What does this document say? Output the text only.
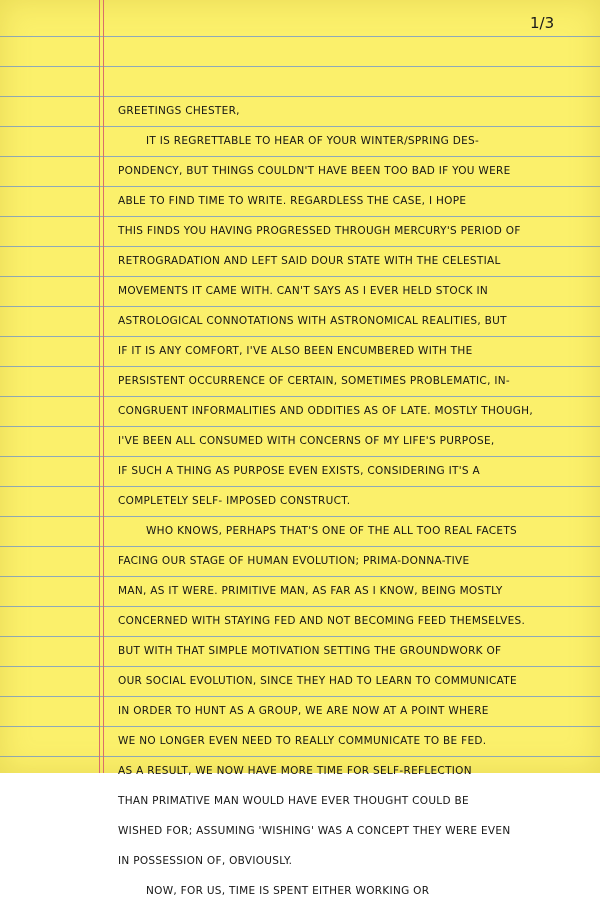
1/3
GREETINGS CHESTER,
IT IS REGRETTABLE TO HEAR OF YOUR WINTER/SPRING DES-
PONDENCY, BUT THINGS COULDN'T HAVE BEEN TOO BAD IF YOU WERE
ABLE TO FIND TIME TO WRITE. REGARDLESS THE CASE, I HOPE
THIS FINDS YOU HAVING PROGRESSED THROUGH MERCURY'S PERIOD OF
RETROGRADATION AND LEFT SAID DOUR STATE WITH THE CELESTIAL
MOVEMENTS IT CAME WITH. CAN'T SAYS AS I EVER HELD STOCK IN
ASTROLOGICAL CONNOTATIONS WITH ASTRONOMICAL REALITIES, BUT
IF IT IS ANY COMFORT, I'VE ALSO BEEN ENCUMBERED WITH THE
PERSISTENT OCCURRENCE OF CERTAIN, SOMETIMES PROBLEMATIC, IN-
CONGRUENT INFORMALITIES AND ODDITIES AS OF LATE. MOSTLY THOUGH,
I'VE BEEN ALL CONSUMED WITH CONCERNS OF MY LIFE'S PURPOSE,
IF SUCH A THING AS PURPOSE EVEN EXISTS, CONSIDERING IT'S A
COMPLETELY SELF- IMPOSED CONSTRUCT.
WHO KNOWS, PERHAPS THAT'S ONE OF THE ALL TOO REAL FACETS
FACING OUR STAGE OF HUMAN EVOLUTION; PRIMA-DONNA-TIVE
MAN, AS IT WERE. PRIMITIVE MAN, AS FAR AS I KNOW, BEING MOSTLY
CONCERNED WITH STAYING FED AND NOT BECOMING FEED THEMSELVES.
BUT WITH THAT SIMPLE MOTIVATION SETTING THE GROUNDWORK OF
OUR SOCIAL EVOLUTION, SINCE THEY HAD TO LEARN TO COMMUNICATE
IN ORDER TO HUNT AS A GROUP, WE ARE NOW AT A POINT WHERE
WE NO LONGER EVEN NEED TO REALLY COMMUNICATE TO BE FED.
AS A RESULT, WE NOW HAVE MORE TIME FOR SELF-REFLECTION
THAN PRIMATIVE MAN WOULD HAVE EVER THOUGHT COULD BE
WISHED FOR; ASSUMING 'WISHING' WAS A CONCEPT THEY WERE EVEN
IN POSSESSION OF, OBVIOUSLY.
NOW, FOR US, TIME IS SPENT EITHER WORKING OR
